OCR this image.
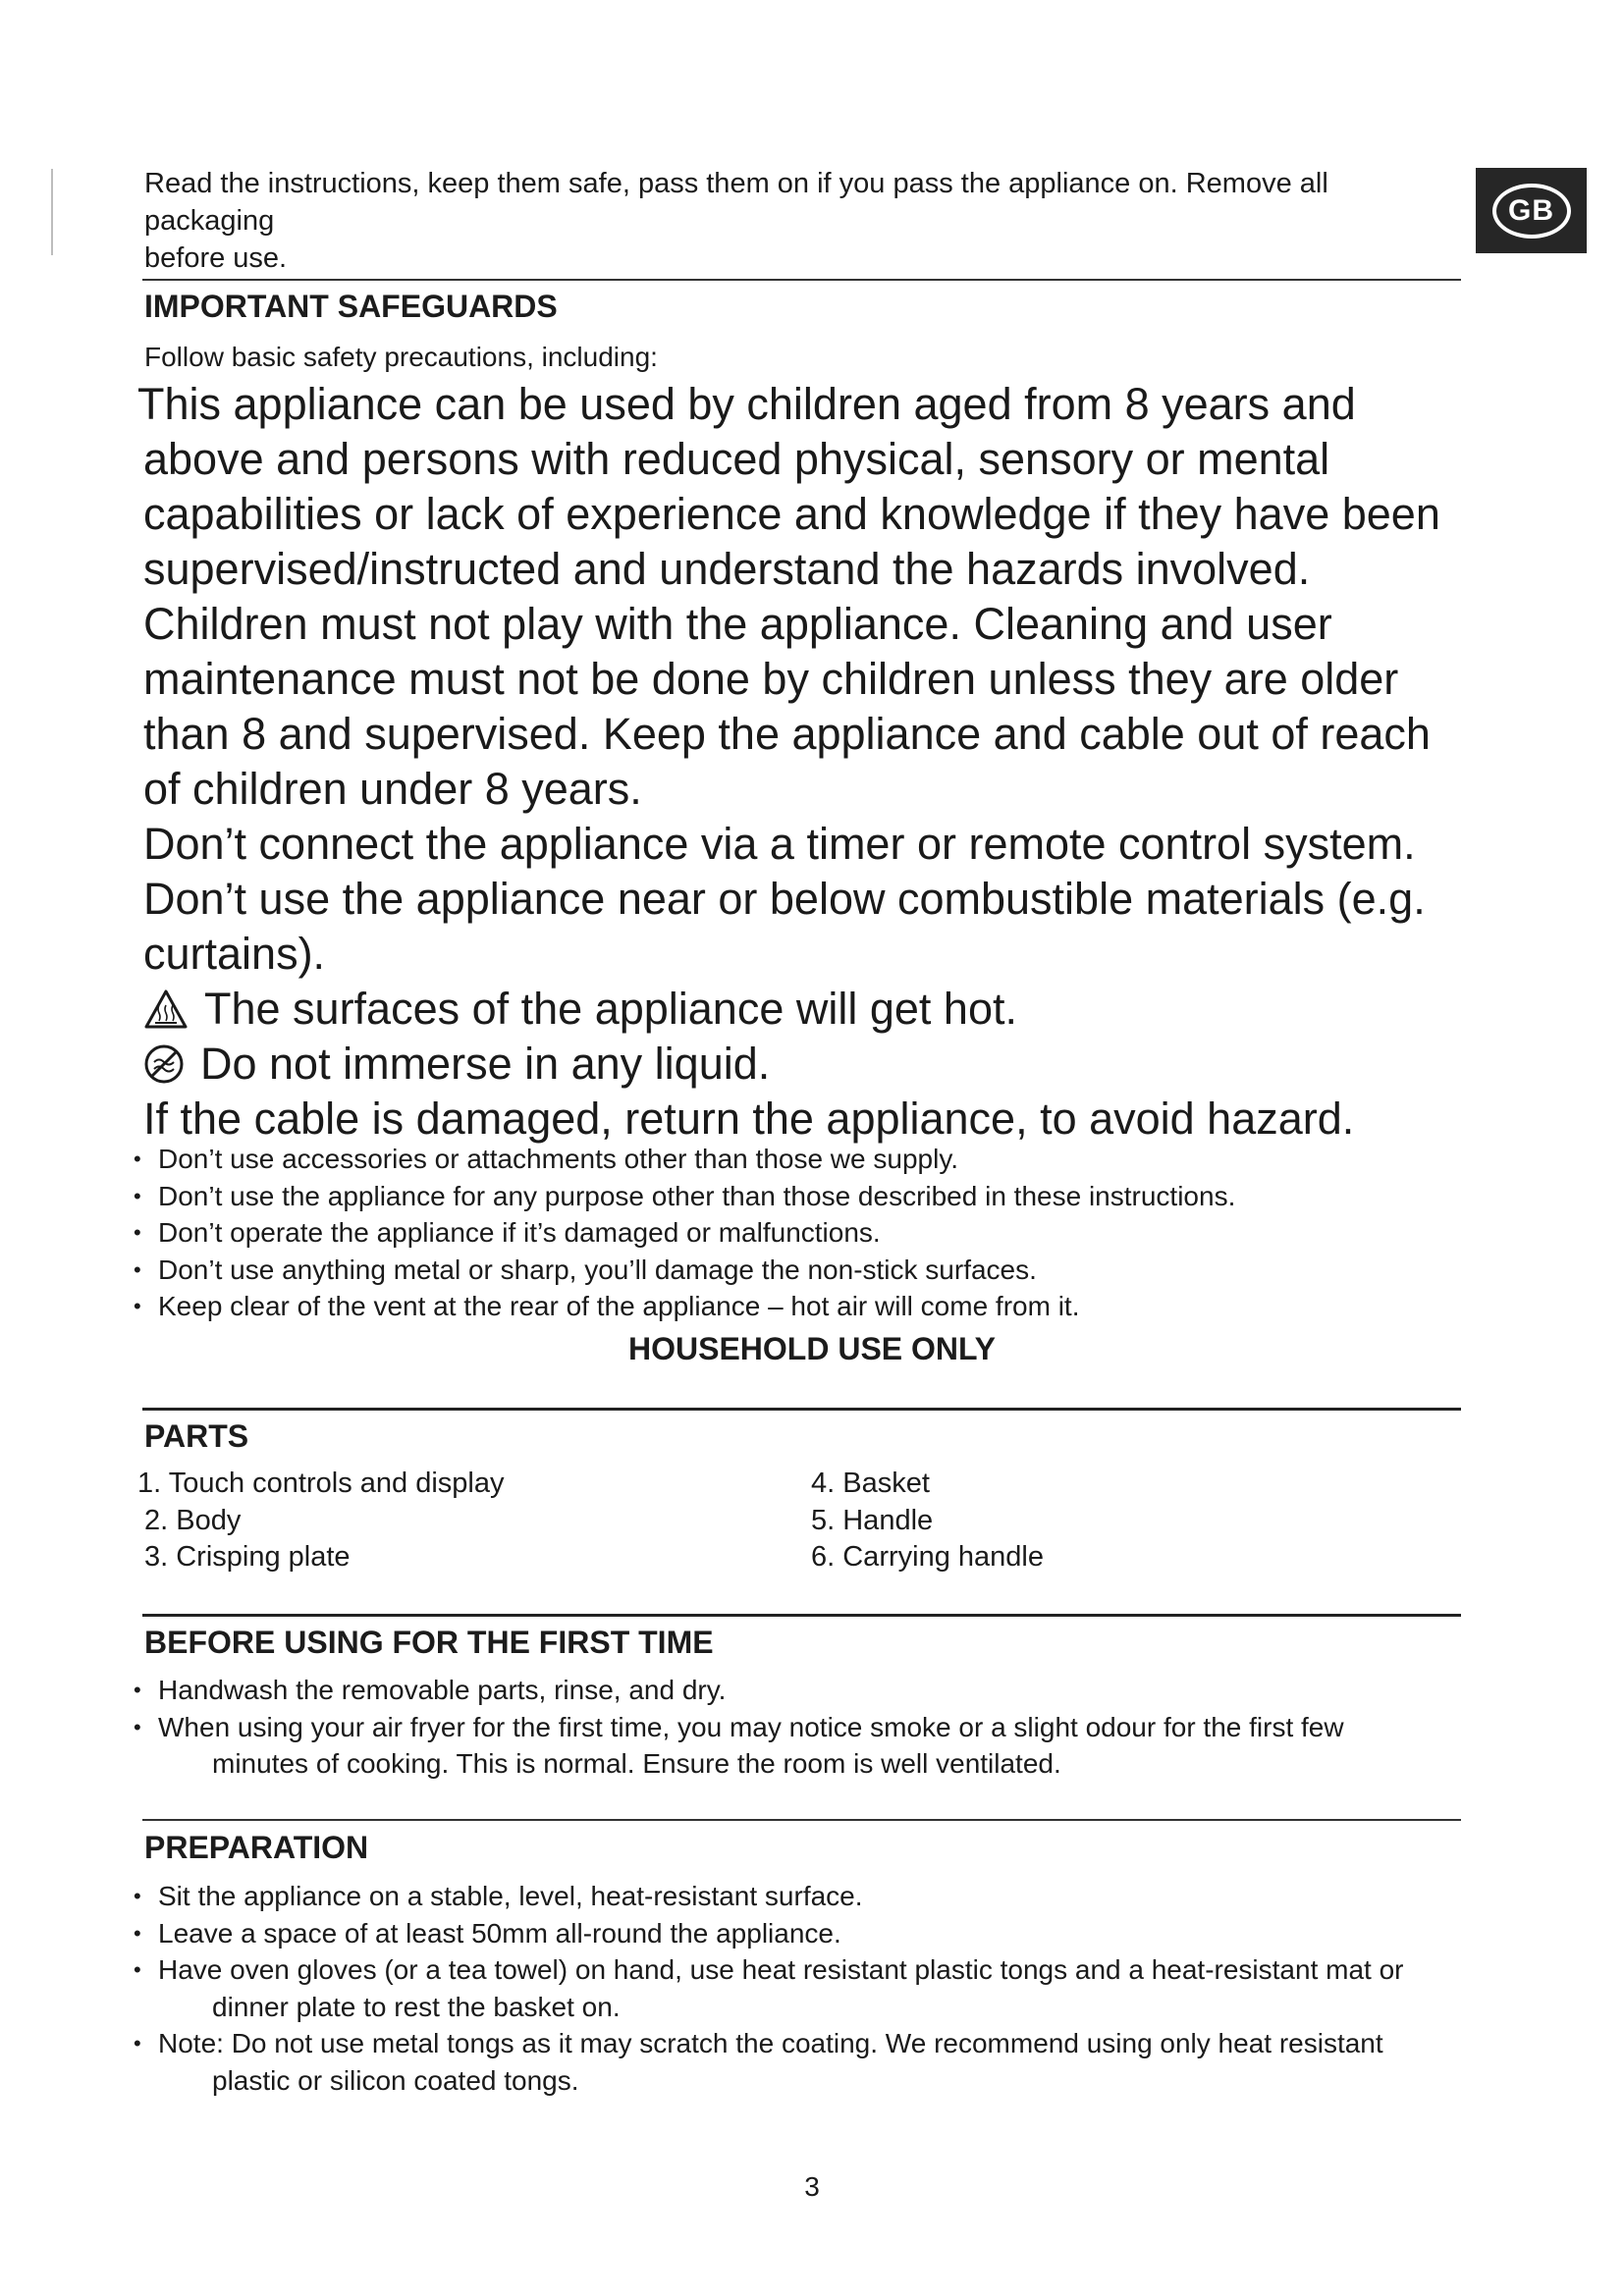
Read the instructions, keep them safe, pass them on if you pass the appliance on. Remove all packaging
before use.
GB
IMPORTANT SAFEGUARDS
Follow basic safety precautions, including:

This appliance can be used by children aged from 8 years and

above and persons with reduced physical, sensory or mental

capabilities or lack of experience and knowledge if they have been

supervised/instructed and understand the hazards involved.

Children must not play with the appliance. Cleaning and user

maintenance must not be done by children unless they are older

than 8 and supervised. Keep the appliance and cable out of reach

of children under 8 years.

Don’t connect the appliance via a timer or remote control system.

Don’t use the appliance near or below combustible materials (e.g.

curtains).

The surfaces of the appliance will get hot.

Do not immerse in any liquid.

If the cable is damaged, return the appliance, to avoid hazard.

• Don’t use accessories or attachments other than those we supply.
• Don’t use the appliance for any purpose other than those described in these instructions.
• Don’t operate the appliance if it’s damaged or malfunctions.
• Don’t use anything metal or sharp, you’ll damage the non-stick surfaces.
• Keep clear of the vent at the rear of the appliance – hot air will come from it.
HOUSEHOLD USE ONLY
PARTS
1. Touch controls and display
2. Body
3. Crisping plate
4. Basket
5. Handle
6. Carrying handle
BEFORE USING FOR THE FIRST TIME
• Handwash the removable parts, rinse, and dry.
• When using your air fryer for the first time, you may notice smoke or a slight odour for the first few
minutes of cooking. This is normal. Ensure the room is well ventilated.
PREPARATION
• Sit the appliance on a stable, level, heat-resistant surface.
• Leave a space of at least 50mm all-round the appliance.
• Have oven gloves (or a tea towel) on hand, use heat resistant plastic tongs and a heat-resistant mat or
dinner plate to rest the basket on.
• Note: Do not use metal tongs as it may scratch the coating. We recommend using only heat resistant
plastic or silicon coated tongs.
3
